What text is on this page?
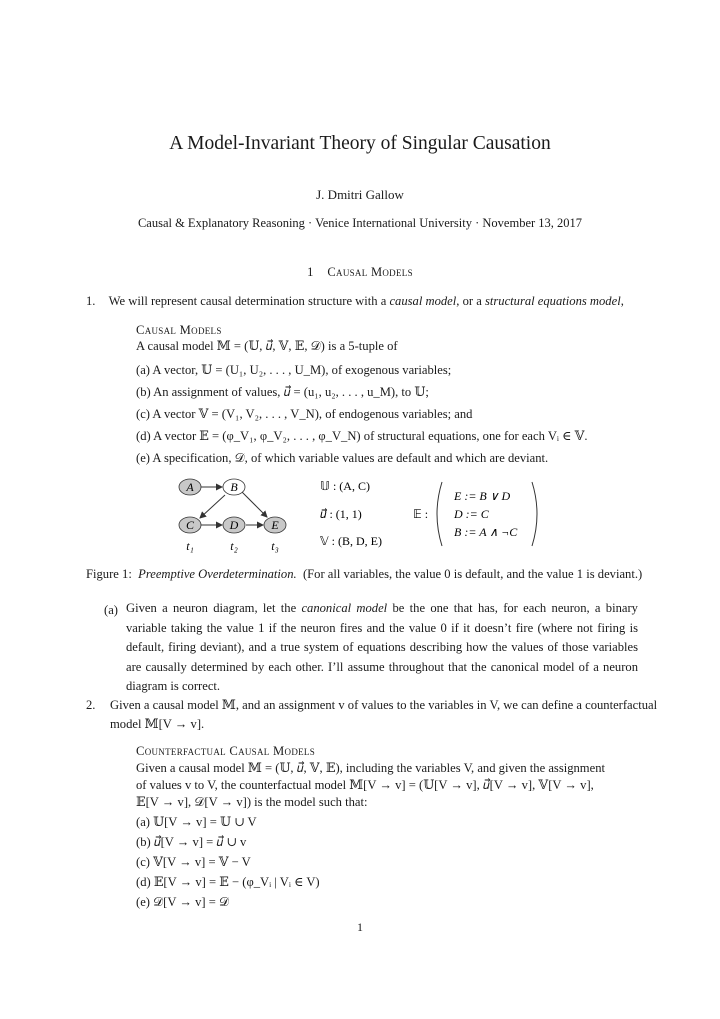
A Model-Invariant Theory of Singular Causation
J. Dmitri Gallow
Causal & Explanatory Reasoning · Venice International University · November 13, 2017
1 Causal Models
1. We will represent causal determination structure with a causal model, or a structural equations model,
Causal Models
A causal model 𝕄 = (𝕌, 𝑢⃗, 𝕍, 𝔼, 𝒟) is a 5-tuple of
(a) A vector, 𝕌 = (U₁, U₂, . . . , U_M), of exogenous variables;
(b) An assignment of values, 𝑢⃗ = (u₁, u₂, . . . , u_M), to 𝕌;
(c) A vector 𝕍 = (V₁, V₂, . . . , V_N), of endogenous variables; and
(d) A vector 𝔼 = (φ_V₁, φ_V₂, . . . , φ_V_N) of structural equations, one for each Vᵢ ∈ 𝕍.
(e) A specification, 𝒟, of which variable values are default and which are deviant.
A	B
C	D	E
t₁	t₂	t₃
𝕌 : (A, C)
𝑢⃗ : (1, 1)
𝕍 : (B, D, E)
𝔼 :
E := B ∨ D
D := C
B := A ∧ ¬C
Figure 1: Preemptive Overdetermination. (For all variables, the value 0 is default, and the value 1 is deviant.)
(a) Given a neuron diagram, let the canonical model be the one that has, for each neuron, a binary variable taking the value 1 if the neuron fires and the value 0 if it doesn’t fire (where not firing is default, firing deviant), and a true system of equations describing how the values of those variables are causally determined by each other. I’ll assume throughout that the canonical model of a neuron diagram is correct.
2. Given a causal model 𝕄, and an assignment v of values to the variables in V, we can define a counterfactual
model 𝕄[V → v].
Counterfactual Causal Models
Given a causal model 𝕄 = (𝕌, 𝑢⃗, 𝕍, 𝔼), including the variables V, and given the assignment
of values v to V, the counterfactual model 𝕄[V → v] = (𝕌[V → v], 𝑢⃗[V → v], 𝕍[V → v],
𝔼[V → v], 𝒟[V → v]) is the model such that:
(a) 𝕌[V → v] = 𝕌 ∪ V
(b) 𝑢⃗[V → v] = 𝑢⃗ ∪ v
(c) 𝕍[V → v] = 𝕍 − V
(d) 𝔼[V → v] = 𝔼 − (φ_Vᵢ | Vᵢ ∈ V)
(e) 𝒟[V → v] = 𝒟
1
